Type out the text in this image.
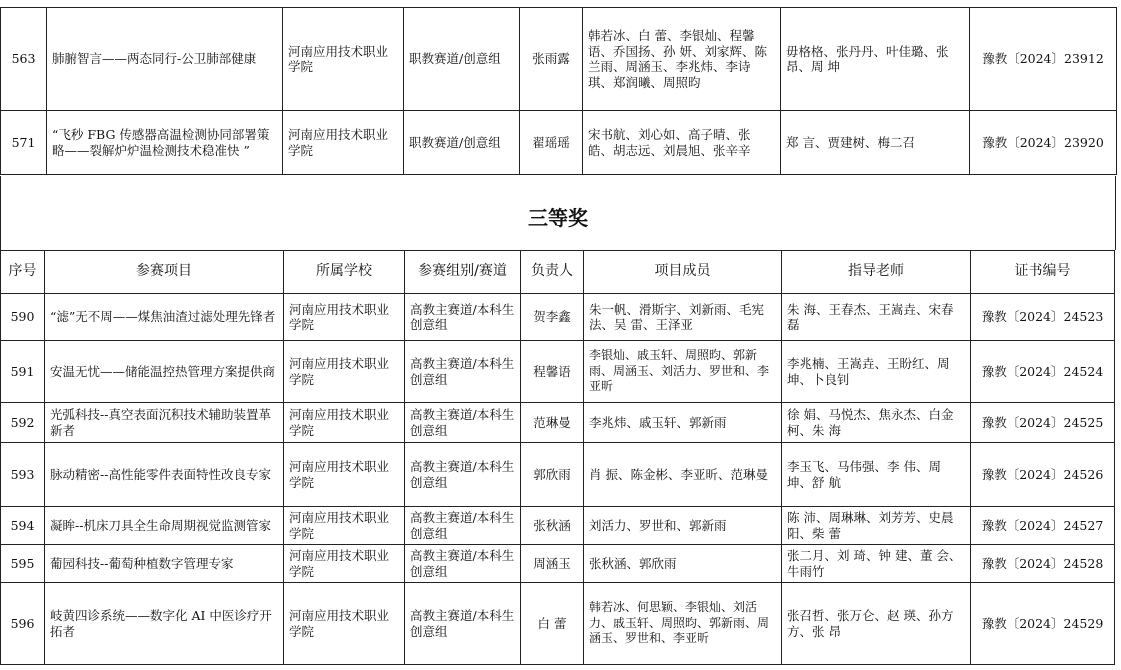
563	肺腑智言——两态同行-公卫肺部健康	河南应用技术职业学院	职教赛道/创意组	张雨露	韩若冰、白 蕾、李银灿、程馨语、乔国扬、孙 妍、刘家辉、陈兰雨、周涵玉、李兆炜、李诗琪、郑润曦、周照昀	毋格格、张丹丹、叶佳璐、张 昂、周 坤	豫教〔2024〕23912
571	“飞秒 FBG 传感器高温检测协同部署策略——裂解炉炉温检测技术稳准快 ”	河南应用技术职业学院	职教赛道/创意组	翟瑶瑶	宋书航、刘心如、高子晴、张 皓、胡志远、刘晨旭、张辛辛	郑 言、贾建树、梅二召	豫教〔2024〕23920
三等奖
序号	参赛项目	所属学校	参赛组别/赛道	负责人	项目成员	指导老师	证书编号
590	“滤”无不周——煤焦油渣过滤处理先锋者	河南应用技术职业学院	高教主赛道/本科生创意组	贺李鑫	朱一帆、滑斯宇、刘新雨、毛宪法、吴 雷、王泽亚	朱 海、王春杰、王嵩垚、宋春磊	豫教〔2024〕24523
591	安温无忧——储能温控热管理方案提供商	河南应用技术职业学院	高教主赛道/本科生创意组	程馨语	李银灿、戚玉轩、周照昀、郭新雨、周涵玉、刘活力、罗世和、李亚昕	李兆楠、王嵩垚、王盼红、周 坤、卜良钊	豫教〔2024〕24524
592	光弧科技--真空表面沉积技术辅助装置革新者	河南应用技术职业学院	高教主赛道/本科生创意组	范琳曼	李兆炜、戚玉轩、郭新雨	徐 娟、马悦杰、焦永杰、白金柯、朱 海	豫教〔2024〕24525
593	脉动精密--高性能零件表面特性改良专家	河南应用技术职业学院	高教主赛道/本科生创意组	郭欣雨	肖 振、陈金彬、李亚昕、范琳曼	李玉飞、马伟强、李 伟、周 坤、舒 航	豫教〔2024〕24526
594	凝眸--机床刀具全生命周期视觉监测管家	河南应用技术职业学院	高教主赛道/本科生创意组	张秋涵	刘活力、罗世和、郭新雨	陈 沛、周琳琳、刘芳芳、史晨阳、柴 蕾	豫教〔2024〕24527
595	葡园科技--葡萄种植数字管理专家	河南应用技术职业学院	高教主赛道/本科生创意组	周涵玉	张秋涵、郭欣雨	张二月、刘 琦、钟 建、董 会、牛雨竹	豫教〔2024〕24528
596	岐黄四诊系统——数字化 AI 中医诊疗开拓者	河南应用技术职业学院	高教主赛道/本科生创意组	白 蕾	韩若冰、何思颖、李银灿、刘活力、戚玉轩、周照昀、郭新雨、周涵玉、罗世和、李亚昕	张召哲、张万仑、赵 瑛、孙方方、张 昂	豫教〔2024〕24529
